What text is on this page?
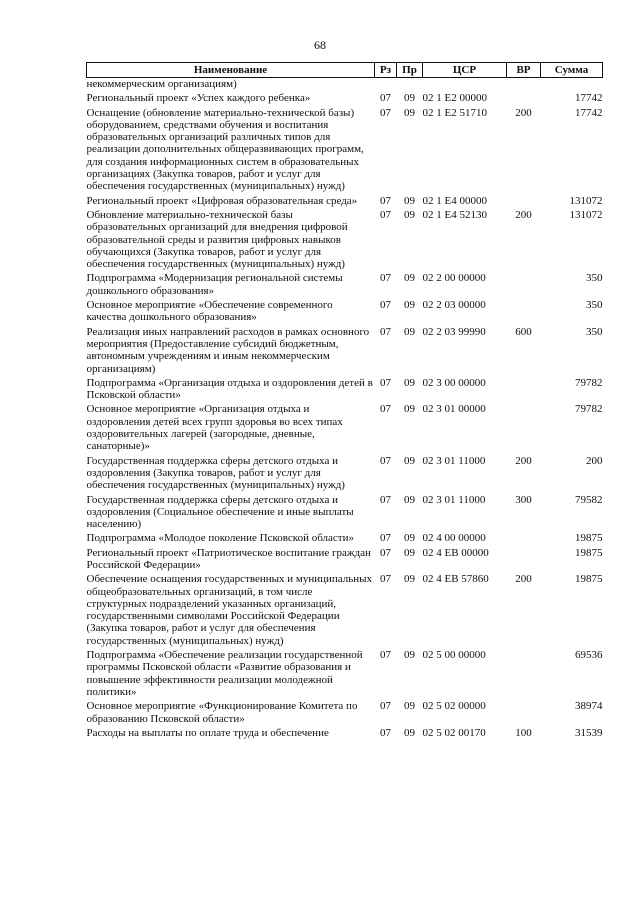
68
Наименование	Рз	Пр	ЦСР	ВР	Сумма
некоммерческим организациям)					
Региональный проект «Успех каждого ребенка»	07	09	02 1 E2 00000		17742
Оснащение (обновление материально-технической базы) оборудованием, средствами обучения и воспитания образовательных организаций различных типов для реализации дополнительных общеразвивающих программ, для создания информационных систем в образовательных организациях (Закупка товаров, работ и услуг для обеспечения государственных (муниципальных) нужд)	07	09	02 1 E2 51710	200	17742
Региональный проект «Цифровая образовательная среда»	07	09	02 1 E4 00000		131072
Обновление материально-технической базы образовательных организаций для внедрения цифровой образовательной среды и развития цифровых навыков обучающихся (Закупка товаров, работ и услуг для обеспечения государственных (муниципальных) нужд)	07	09	02 1 E4 52130	200	131072
Подпрограмма «Модернизация региональной системы дошкольного образования»	07	09	02 2 00 00000		350
Основное мероприятие «Обеспечение современного качества дошкольного образования»	07	09	02 2 03 00000		350
Реализация иных направлений расходов в рамках основного мероприятия (Предоставление субсидий бюджетным, автономным учреждениям и иным некоммерческим организациям)	07	09	02 2 03 99990	600	350
Подпрограмма «Организация отдыха и оздоровления детей в Псковской области»	07	09	02 3 00 00000		79782
Основное мероприятие «Организация отдыха и оздоровления детей всех групп здоровья во всех типах оздоровительных лагерей (загородные, дневные, санаторные)»	07	09	02 3 01 00000		79782
Государственная поддержка сферы детского отдыха и оздоровления (Закупка товаров, работ и услуг для обеспечения государственных (муниципальных) нужд)	07	09	02 3 01 11000	200	200
Государственная поддержка сферы детского отдыха и оздоровления (Социальное обеспечение и иные выплаты населению)	07	09	02 3 01 11000	300	79582
Подпрограмма «Молодое поколение Псковской области»	07	09	02 4 00 00000		19875
Региональный проект «Патриотическое воспитание граждан Российской Федерации»	07	09	02 4 EB 00000		19875
Обеспечение оснащения государственных и муниципальных общеобразовательных организаций, в том числе структурных подразделений указанных организаций, государственными символами Российской Федерации (Закупка товаров, работ и услуг для обеспечения государственных (муниципальных) нужд)	07	09	02 4 EB 57860	200	19875
Подпрограмма «Обеспечение реализации государственной программы Псковской области «Развитие образования и повышение эффективности реализации молодежной политики»	07	09	02 5 00 00000		69536
Основное мероприятие «Функционирование Комитета по образованию Псковской области»	07	09	02 5 02 00000		38974
Расходы на выплаты по оплате труда и обеспечение	07	09	02 5 02 00170	100	31539
